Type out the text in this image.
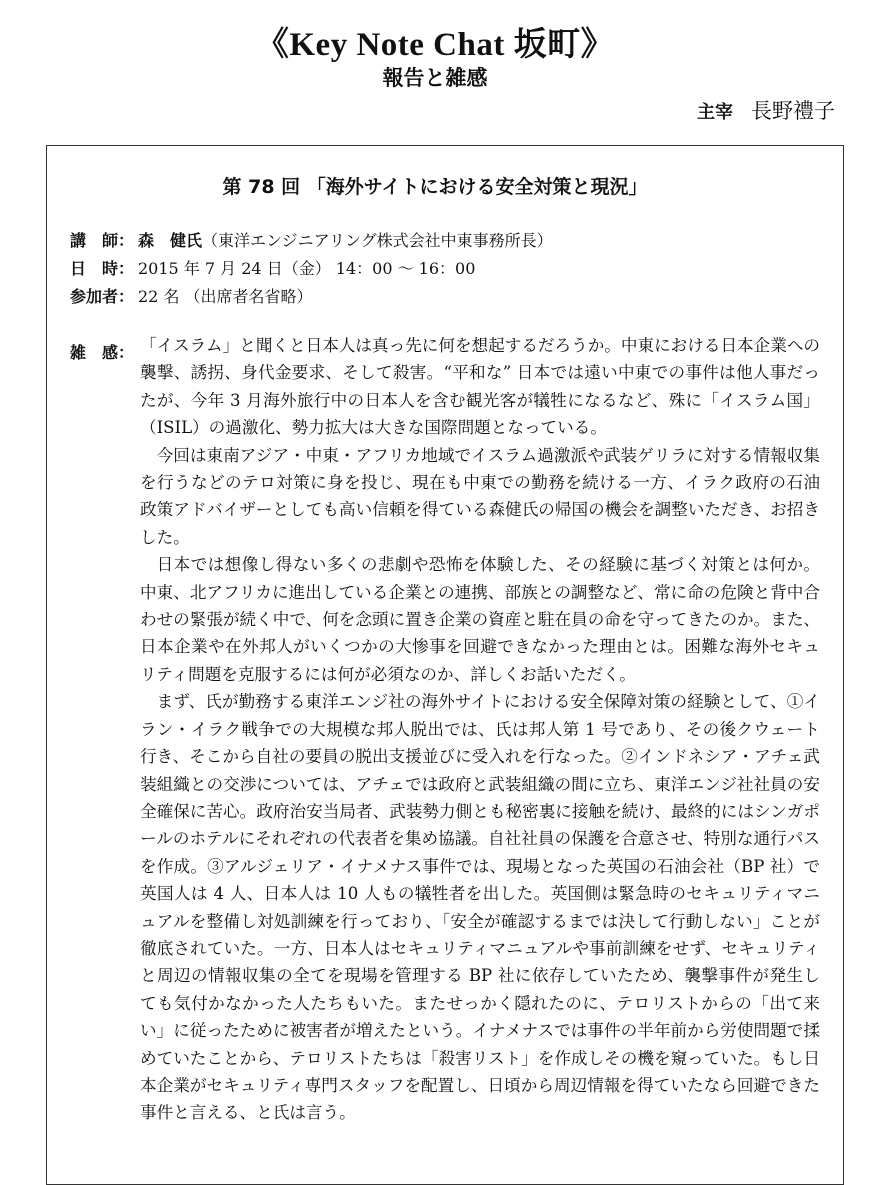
《Key Note Chat 坂町》
報告と雑感
主宰 長野禮子
第 78 回 「海外サイトにおける安全対策と現況」
講　師： 森　健氏（東洋エンジニアリング株式会社中東事務所長）
日　時： 2015 年 7 月 24 日（金） 14：00 ～ 16：00
参加者： 22 名 （出席者名省略）
雑　感： 「イスラム」と聞くと日本人は真っ先に何を想起するだろうか。中東における日本企業への襲撃、誘拐、身代金要求、そして殺害。“平和な” 日本では遠い中東での事件は他人事だったが、今年 3 月海外旅行中の日本人を含む観光客が犠牲になるなど、殊に「イスラム国」（ISIL）の過激化、勢力拡大は大きな国際問題となっている。

今回は東南アジア・中東・アフリカ地域でイスラム過激派や武装ゲリラに対する情報収集を行うなどのテロ対策に身を投じ、現在も中東での勤務を続ける一方、イラク政府の石油政策アドバイザーとしても高い信頼を得ている森健氏の帰国の機会を調整いただき、お招きした。

日本では想像し得ない多くの悲劇や恐怖を体験した、その経験に基づく対策とは何か。中東、北アフリカに進出している企業との連携、部族との調整など、常に命の危険と背中合わせの緊張が続く中で、何を念頭に置き企業の資産と駐在員の命を守ってきたのか。また、日本企業や在外邦人がいくつかの大惨事を回避できなかった理由とは。困難な海外セキュリティ問題を克服するには何が必須なのか、詳しくお話いただく。

まず、氏が勤務する東洋エンジ社の海外サイトにおける安全保障対策の経験として、①イラン・イラク戦争での大規模な邦人脱出では、氏は邦人第 1 号であり、その後クウェート行き、そこから自社の要員の脱出支援並びに受入れを行なった。②インドネシア・アチェ武装組織との交渉については、アチェでは政府と武装組織の間に立ち、東洋エンジ社社員の安全確保に苦心。政府治安当局者、武装勢力側とも秘密裏に接触を続け、最終的にはシンガポールのホテルにそれぞれの代表者を集め協議。自社社員の保護を合意させ、特別な通行パスを作成。③アルジェリア・イナメナス事件では、現場となった英国の石油会社（BP 社）で英国人は 4 人、日本人は 10 人もの犠牲者を出した。英国側は緊急時のセキュリティマニュアルを整備し対処訓練を行っており、「安全が確認するまでは決して行動しない」ことが徹底されていた。一方、日本人はセキュリティマニュアルや事前訓練をせず、セキュリティと周辺の情報収集の全てを現場を管理する BP 社に依存していたため、襲撃事件が発生しても気付かなかった人たちもいた。またせっかく隠れたのに、テロリストからの「出て来い」に従ったために被害者が増えたという。イナメナスでは事件の半年前から労使問題で揉めていたことから、テロリストたちは「殺害リスト」を作成しその機を窺っていた。もし日本企業がセキュリティ専門スタッフを配置し、日頃から周辺情報を得ていたなら回避できた事件と言える、と氏は言う。
